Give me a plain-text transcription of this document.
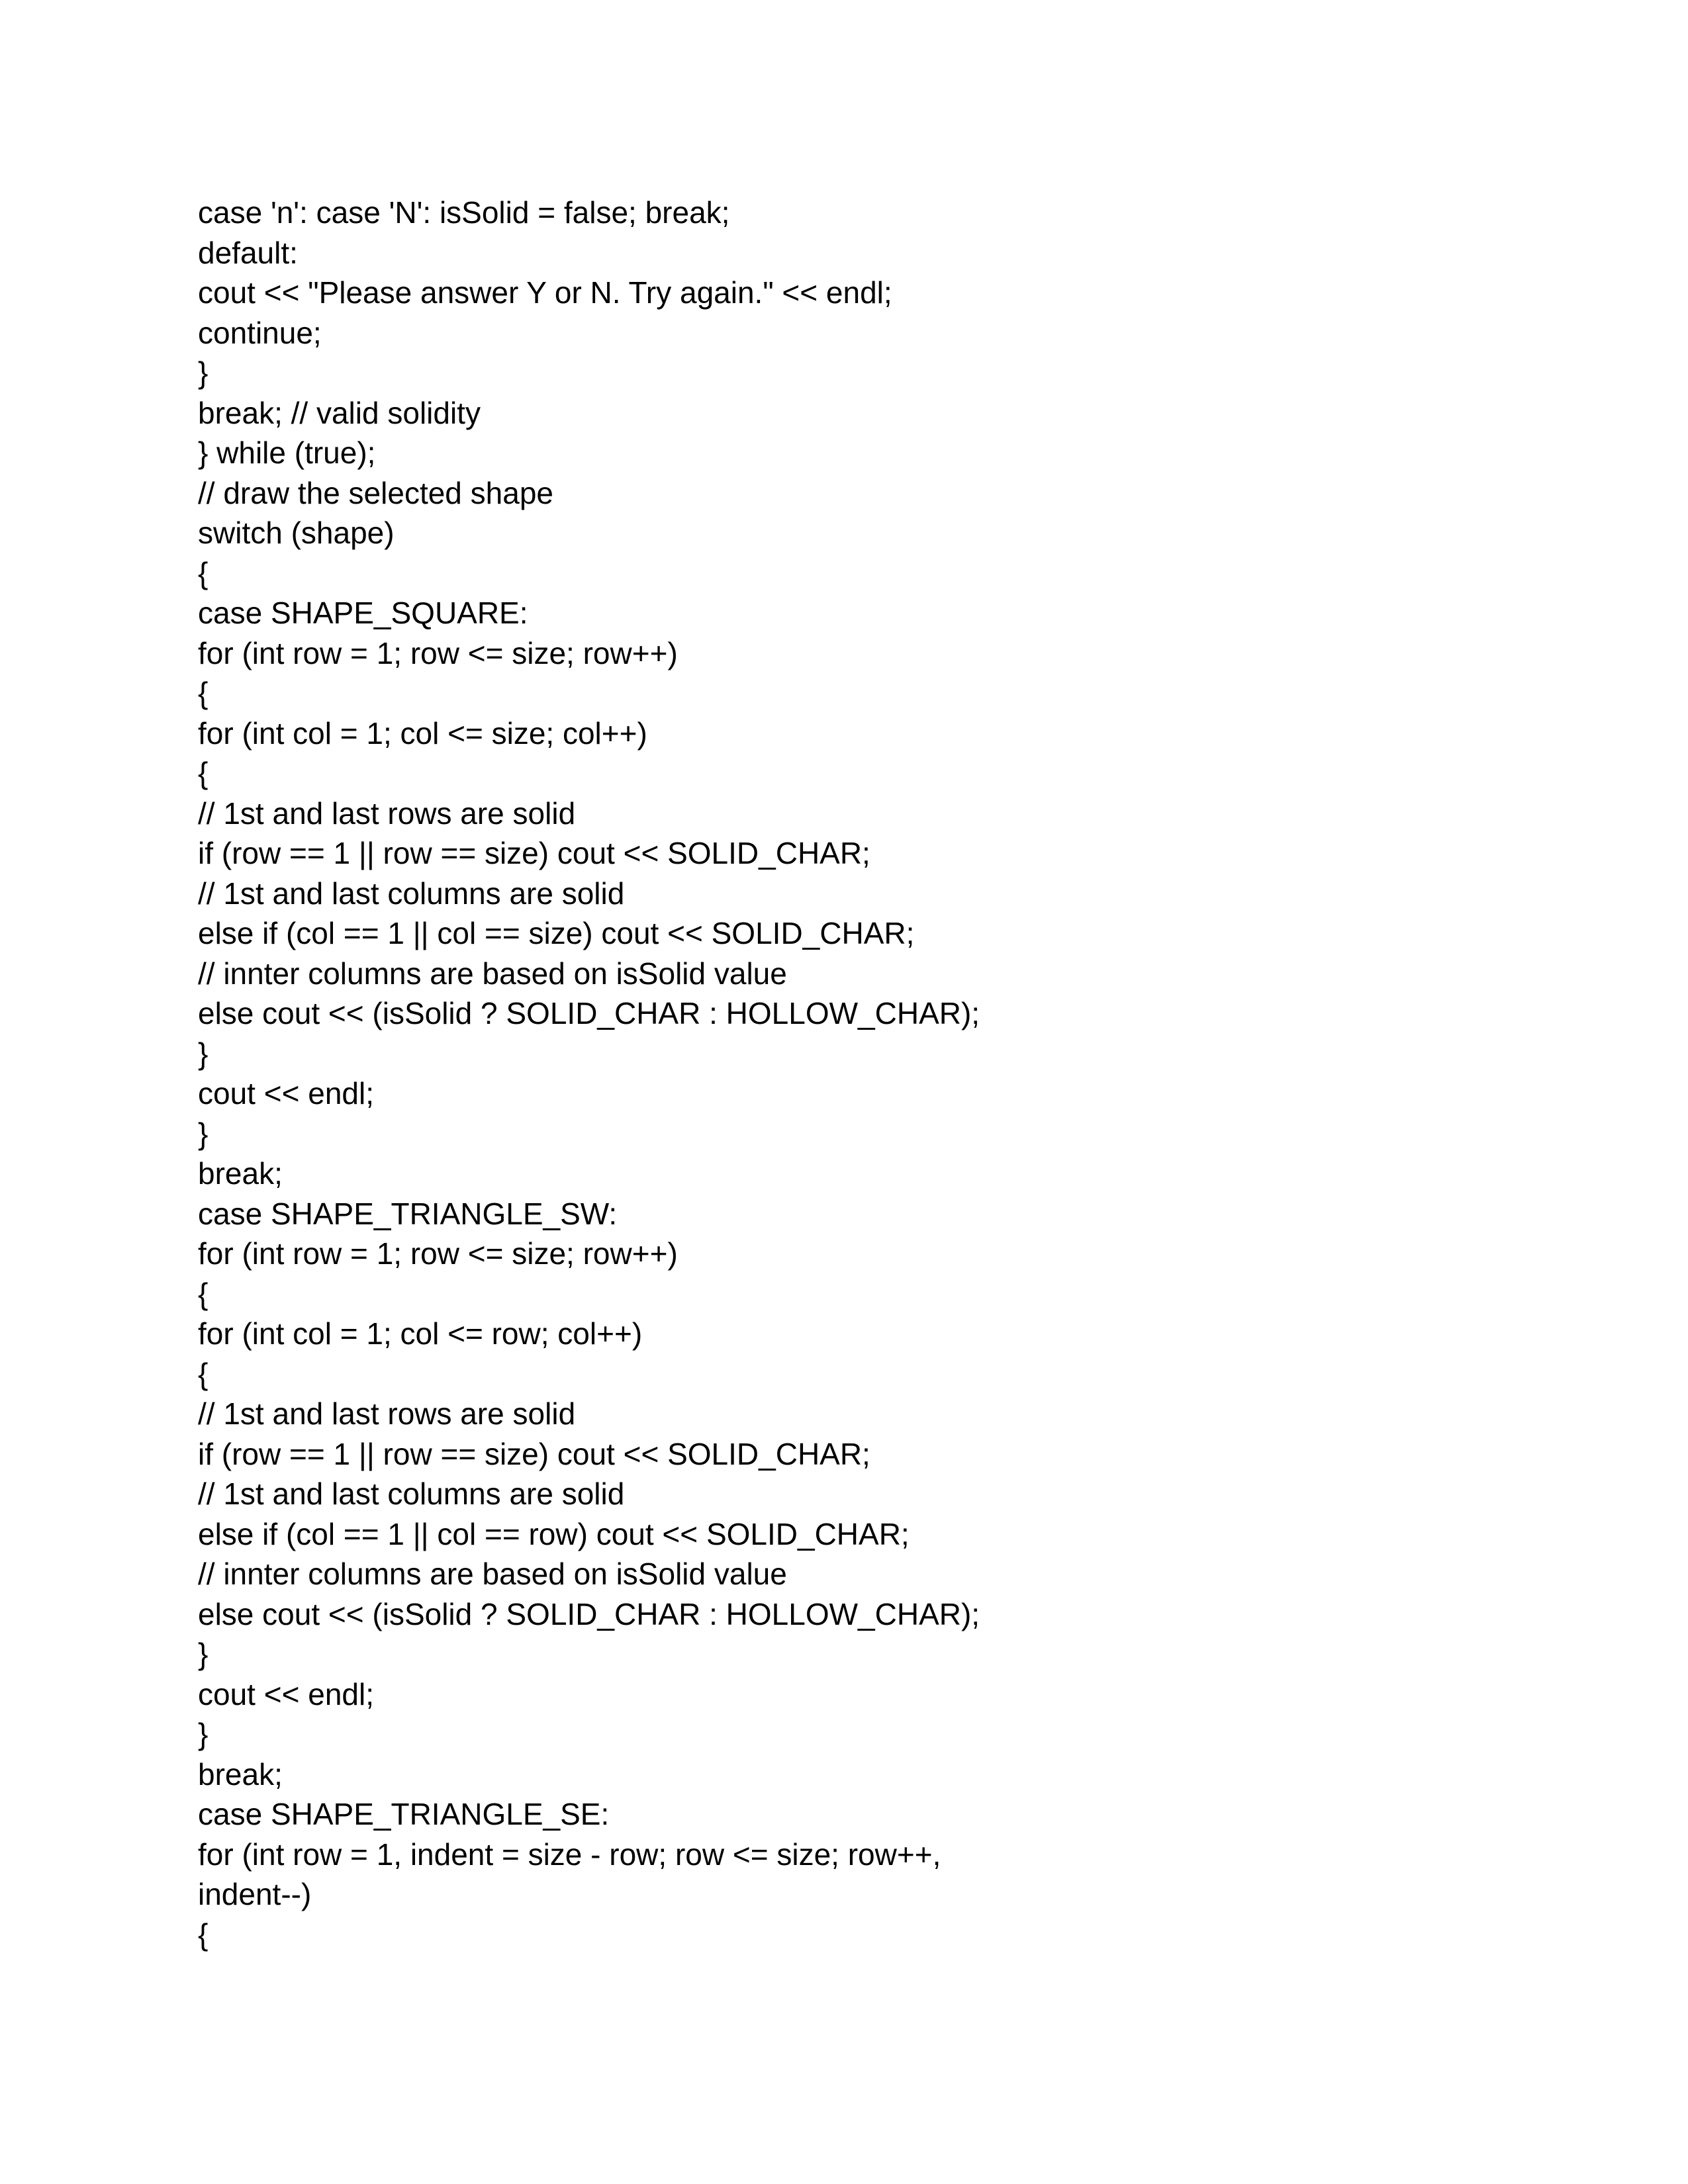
case 'n': case 'N': isSolid = false; break;
default:
cout << "Please answer Y or N. Try again." << endl;
continue;
}
break; // valid solidity
} while (true);
// draw the selected shape
switch (shape)
{
case SHAPE_SQUARE:
for (int row = 1; row <= size; row++)
{
for (int col = 1; col <= size; col++)
{
// 1st and last rows are solid
if (row == 1 || row == size) cout << SOLID_CHAR;
// 1st and last columns are solid
else if (col == 1 || col == size) cout << SOLID_CHAR;
// innter columns are based on isSolid value
else cout << (isSolid ? SOLID_CHAR : HOLLOW_CHAR);
}
cout << endl;
}
break;
case SHAPE_TRIANGLE_SW:
for (int row = 1; row <= size; row++)
{
for (int col = 1; col <= row; col++)
{
// 1st and last rows are solid
if (row == 1 || row == size) cout << SOLID_CHAR;
// 1st and last columns are solid
else if (col == 1 || col == row) cout << SOLID_CHAR;
// innter columns are based on isSolid value
else cout << (isSolid ? SOLID_CHAR : HOLLOW_CHAR);
}
cout << endl;
}
break;
case SHAPE_TRIANGLE_SE:
for (int row = 1, indent = size - row; row <= size; row++,
indent--)
{
